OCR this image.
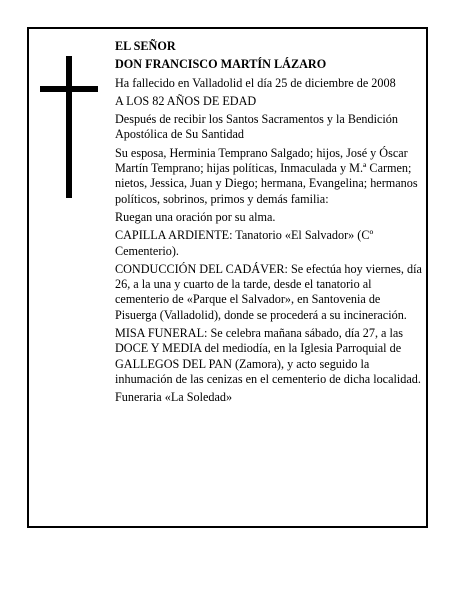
EL SEÑOR

DON FRANCISCO MARTÍN LÁZARO

Ha fallecido en Valladolid el día 25 de diciembre de 2008

A LOS 82 AÑOS DE EDAD

Después de recibir los Santos Sacramentos y la Bendición Apostólica de Su Santidad

Su esposa, Herminia Temprano Salgado; hijos, José y Óscar Martín Temprano; hijas políticas, Inmaculada y M.ª Carmen; nietos, Jessica, Juan y Diego; hermana, Evangelina; hermanos políticos, sobrinos, primos y demás familia:

Ruegan una oración por su alma.

CAPILLA ARDIENTE: Tanatorio «El Salvador» (Cº Cementerio).

CONDUCCIÓN DEL CADÁVER: Se efectúa hoy viernes, día 26, a la una y cuarto de la tarde, desde el tanatorio al cementerio de «Parque el Salvador», en Santovenia de Pisuerga (Valladolid), donde se procederá a su incineración.

MISA FUNERAL: Se celebra mañana sábado, día 27, a las DOCE Y MEDIA del mediodía, en la Iglesia Parroquial de GALLEGOS DEL PAN (Zamora), y acto seguido la inhumación de las cenizas en el cementerio de dicha localidad.

Funeraria «La Soledad»
